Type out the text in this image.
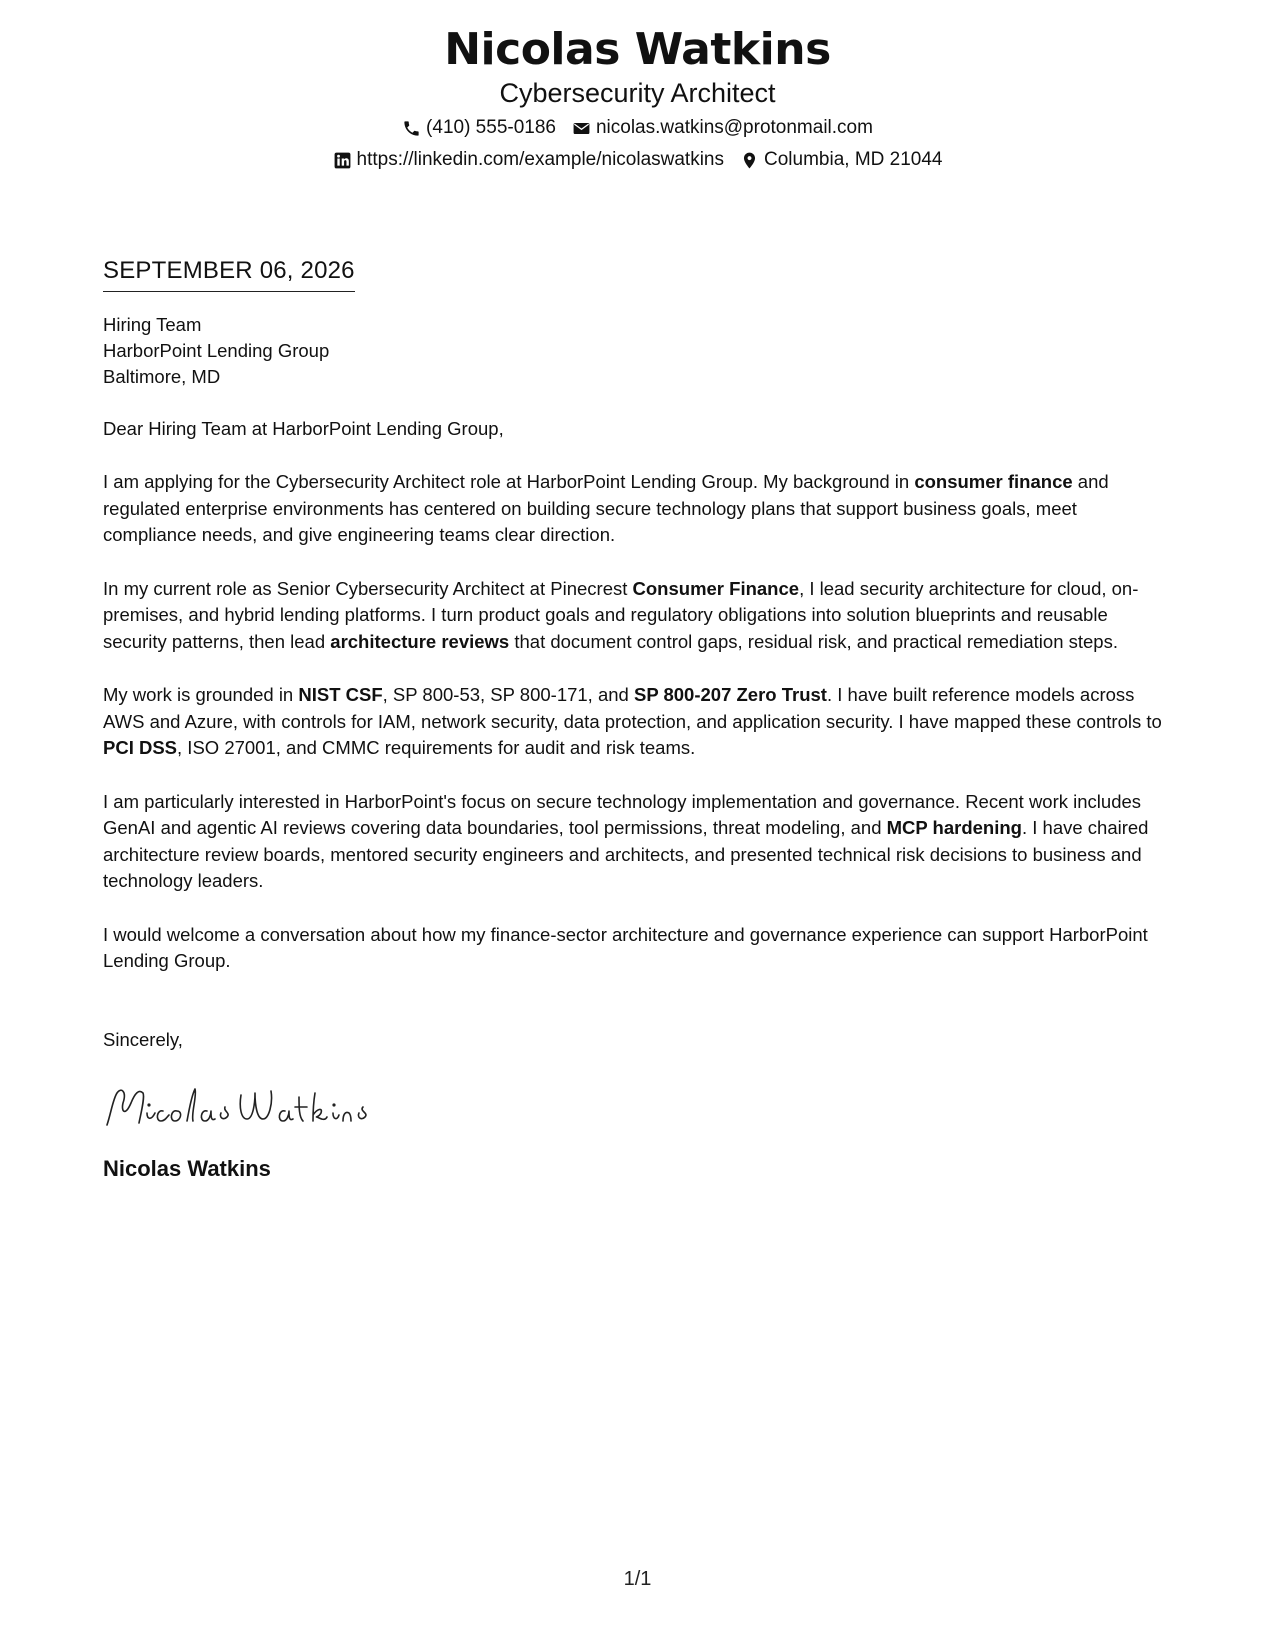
Nicolas Watkins
Cybersecurity Architect
(410) 555-0186 nicolas.watkins@protonmail.com
https://linkedin.com/example/nicolaswatkins Columbia, MD 21044
SEPTEMBER 06, 2026
Hiring Team
HarborPoint Lending Group
Baltimore, MD
Dear Hiring Team at HarborPoint Lending Group,
I am applying for the Cybersecurity Architect role at HarborPoint Lending Group. My background in consumer finance and regulated enterprise environments has centered on building secure technology plans that support business goals, meet compliance needs, and give engineering teams clear direction.
In my current role as Senior Cybersecurity Architect at Pinecrest Consumer Finance, I lead security architecture for cloud, on-premises, and hybrid lending platforms. I turn product goals and regulatory obligations into solution blueprints and reusable security patterns, then lead architecture reviews that document control gaps, residual risk, and practical remediation steps.
My work is grounded in NIST CSF, SP 800-53, SP 800-171, and SP 800-207 Zero Trust. I have built reference models across AWS and Azure, with controls for IAM, network security, data protection, and application security. I have mapped these controls to PCI DSS, ISO 27001, and CMMC requirements for audit and risk teams.
I am particularly interested in HarborPoint's focus on secure technology implementation and governance. Recent work includes GenAI and agentic AI reviews covering data boundaries, tool permissions, threat modeling, and MCP hardening. I have chaired architecture review boards, mentored security engineers and architects, and presented technical risk decisions to business and technology leaders.
I would welcome a conversation about how my finance-sector architecture and governance experience can support HarborPoint Lending Group.
Sincerely,
Nicolas Watkins
1/1
